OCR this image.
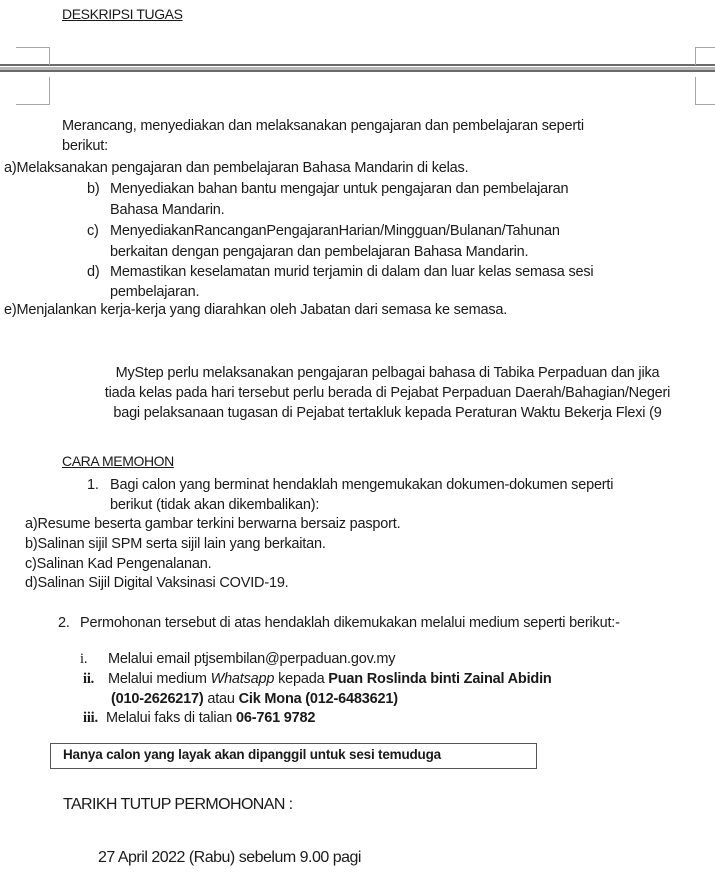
DESKRIPSI TUGAS
Merancang, menyediakan dan melaksanakan pengajaran dan pembelajaran seperti
berikut:
a)Melaksanakan pengajaran dan pembelajaran Bahasa Mandarin di kelas.
b) Menyediakan bahan bantu mengajar untuk pengajaran dan pembelajaran
Bahasa Mandarin.
c) MenyediakanRancanganPengajaranHarian/Mingguan/Bulanan/Tahunan
berkaitan dengan pengajaran dan pembelajaran Bahasa Mandarin.
d) Memastikan keselamatan murid terjamin di dalam dan luar kelas semasa sesi
pembelajaran.
e)Menjalankan kerja-kerja yang diarahkan oleh Jabatan dari semasa ke semasa.
MyStep perlu melaksanakan pengajaran pelbagai bahasa di Tabika Perpaduan dan jika
tiada kelas pada hari tersebut perlu berada di Pejabat Perpaduan Daerah/Bahagian/Negeri
bagi pelaksanaan tugasan di Pejabat tertakluk kepada Peraturan Waktu Bekerja Flexi (9
CARA MEMOHON
1. Bagi calon yang berminat hendaklah mengemukakan dokumen-dokumen seperti
berikut (tidak akan dikembalikan):
a)Resume beserta gambar terkini berwarna bersaiz pasport.
b)Salinan sijil SPM serta sijil lain yang berkaitan.
c)Salinan Kad Pengenalanan.
d)Salinan Sijil Digital Vaksinasi COVID-19.
2. Permohonan tersebut di atas hendaklah dikemukakan melalui medium seperti berikut:-
i. Melalui email ptjsembilan@perpaduan.gov.my
ii. Melalui medium Whatsapp kepada Puan Roslinda binti Zainal Abidin
(010-2626217) atau Cik Mona (012-6483621)
iii. Melalui faks di talian 06-761 9782
Hanya calon yang layak akan dipanggil untuk sesi temuduga
TARIKH TUTUP PERMOHONAN :
27 April 2022 (Rabu) sebelum 9.00 pagi
